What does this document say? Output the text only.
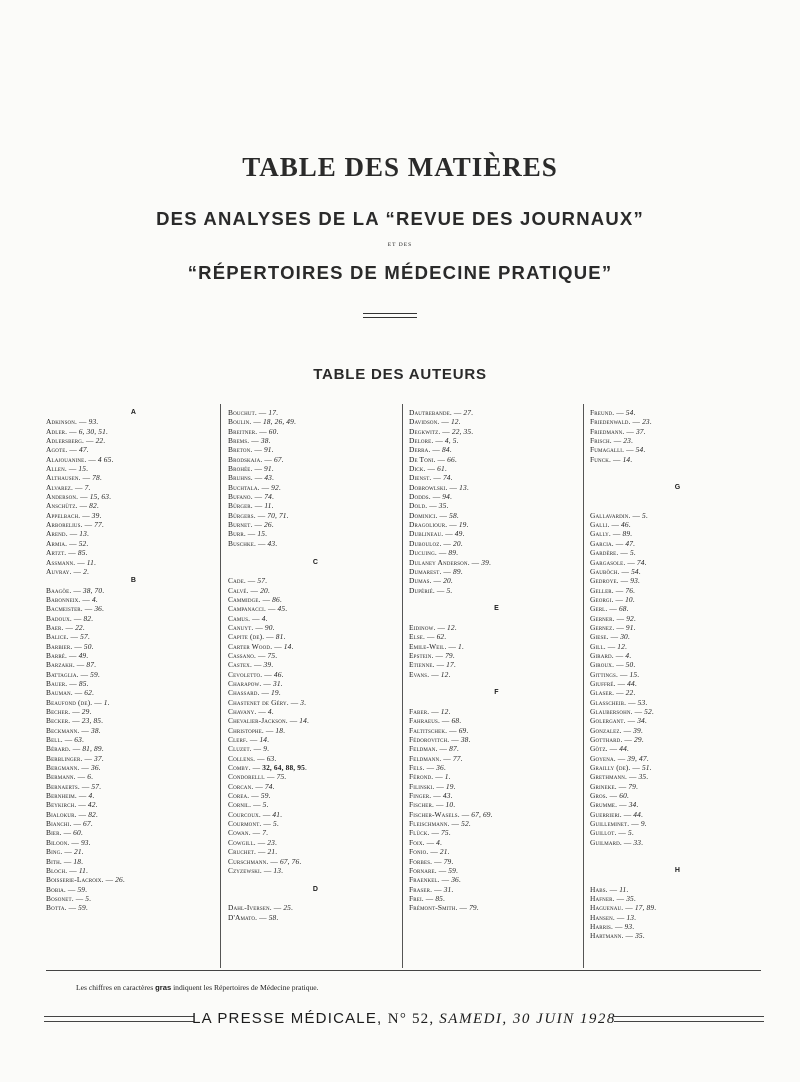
TABLE DES MATIÈRES
DES ANALYSES DE LA “REVUE DES JOURNAUX”
ET DES
“RÉPERTOIRES DE MÉDECINE PRATIQUE”
TABLE DES AUTEURS
A
Adkinson. — 93.
Adler. — 6, 30, 51.
Adlersberg. — 22.
Agote. — 47.
Alajouanine. — 4 65.
Allen. — 15.
Althausen. — 78.
Alvarez. — 7.
Anderson. — 15, 63.
Anschütz. — 82.
Appelbach. — 39.
Arborelius. — 77.
Arend. — 13.
Armia. — 52.
Artzt. — 85.
Assmann. — 11.
Auvray. — 2.
B
Baagöe. — 38, 70.
Babonneix. — 4.
Bacmeister. — 36.
Badoux. — 82.
Baer. — 22.
Balice. — 57.
Barbier. — 50.
Barré. — 49.
Barzakh. — 87.
Battaglia. — 59.
Bauer. — 85.
Bauman. — 62.
Beaufond (de). — 1.
Becher. — 29.
Becker. — 23, 85.
Beckmann. — 38.
Bell. — 63.
Bérard. — 81, 89.
Berblinger. — 37.
Bergmann. — 36.
Bermann. — 6.
Bernaerts. — 57.
Bernheim. — 4.
Beykirch. — 42.
Bialokur. — 82.
Bianchi. — 67.
Bier. — 60.
Biloon. — 93.
Bing. — 21.
Bith. — 18.
Bloch. — 11.
Boisserie-Lacroix. — 26.
Bobia. — 59.
Bosonet. — 5.
Botta. — 59.
Bouchut. — 17.
Boulin. — 18, 26, 49.
Breitner. — 60.
Brems. — 38.
Breton. — 91.
Brodskaja. — 67.
Brohée. — 91.
Bruhns. — 43.
Buchtala. — 92.
Bufano. — 74.
Bürger. — 11.
Bürgers. — 70, 71.
Burnet. — 26.
Burr. — 15.
Buschke. — 43.

C

Cade. — 57.
Calvé. — 20.
Cammidge. — 86.
Campanacci. — 45.
Camus. — 4.
Canuyt. — 90.
Capite (de). — 81.
Carter Wood. — 14.
Cassano. — 75.
Castex. — 39.
Cevoletto. — 46.
Charapow. — 31.
Chassard. — 19.
Chastenet de Géry. — 3.
Chavany. — 4.
Chevalier-Jackson. — 14.
Christophe. — 18.
Clerf. — 14.
Cluzet. — 9.
Collens. — 63.
Comby. — 32, 64, 88, 95.
Condorelli. — 75.
Corcan. — 74.
Corea. — 59.
Cornil. — 5.
Courcoux. — 41.
Courmont. — 5.
Cowan. — 7.
Cowgill. — 23.
Cruchet. — 21.
Curschmann. — 67, 76.
Czyzewski. — 13.

D

Dahl-Iversen. — 25.
D'Amato. — 58.
Dautrebande. — 27.
Davidson. — 12.
Degkwitz. — 22, 35.
Delore. — 4, 5.
Derra. — 84.
De Toni. — 66.
Dick. — 61.
Dienst. — 74.
Dobrowlski. — 13.
Dodds. — 94.
Dold. — 35.
Dominici. — 58.
Dragoliour. — 19.
Dublineau. — 49.
Dubouloz. — 20.
Ducuing. — 89.
Dulaney Anderson. — 39.
Dumarest. — 89.
Dumas. — 20.
Dupérié. — 5.

E

Eidinow. — 12.
Else. — 62.
Emile-Weil. — 1.
Epstein. — 79.
Etienne. — 17.
Evans. — 12.

F

Faber. — 12.
Fahraeus. — 68.
Faltitschek. — 69.
Fédorovitch. — 38.
Feldman. — 87.
Feldmann. — 77.
Fels. — 36.
Férond. — 1.
Filinski. — 19.
Finger. — 43.
Fischer. — 10.
Fischer-Wasels. — 67, 69.
Fleischmann. — 52.
Flück. — 75.
Foix. — 4.
Fonio. — 21.
Forbes. — 79.
Fornare. — 59.
Fraenkel. — 36.
Fraser. — 31.
Frei. — 85.
Frémont-Smith. — 79.
Freund. — 54.
Friedenwald. — 23.
Friedmann. — 37.
Frisch. — 23.
Fumagalli. — 54.
Funck. — 14.

G

Gallavardin. — 5.
Galli. — 46.
Gally. — 89.
Garcia. — 47.
Gardère. — 5.
Gargasole. — 74.
Gauböch. — 54.
Gedroye. — 93.
Geller. — 76.
Georgi. — 10.
Gerl. — 68.
Gerner. — 92.
Gernez. — 91.
Giese. — 30.
Gill. — 12.
Girard. — 4.
Giroux. — 50.
Gittings. — 15.
Giuffré. — 44.
Glaser. — 22.
Glasscheib. — 53.
Glaubersohn. — 52.
Golergant. — 34.
Gonzalez. — 39.
Gotthard. — 29.
Götz. — 44.
Goyena. — 39, 47.
Grailly (de). — 51.
Grethmann. — 35.
Grineke. — 79.
Gros. — 60.
Grumme. — 34.
Guerrieri. — 44.
Guilleminet. — 9.
Guillot. — 5.
Guilmard. — 33.

H

Habs. — 11.
Hafner. — 35.
Haguenau. — 17, 89.
Hansen. — 13.
Harris. — 93.
Hartmann. — 35.
Les chiffres en caractères gras indiquent les Répertoires de Médecine pratique.
LA PRESSE MÉDICALE, N° 52, SAMEDI, 30 JUIN 1928
